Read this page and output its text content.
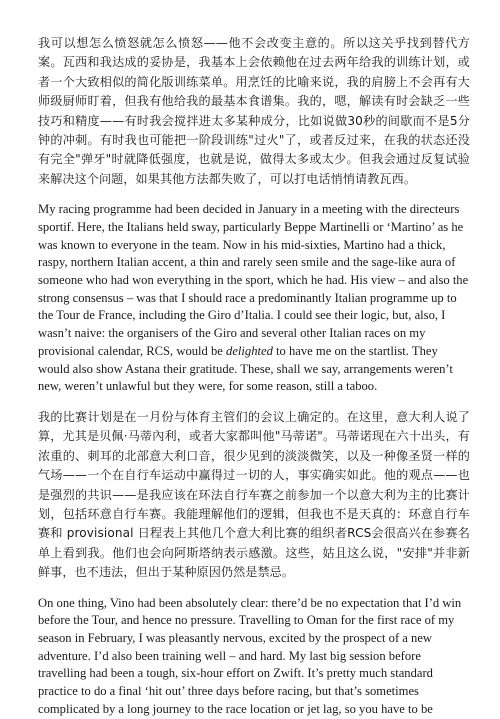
我可以想怎么愤怒就怎么愤怒——他不会改变主意的。所以这关乎找到替代方案。瓦西和我达成的妥协是，我基本上会依赖他在过去两年给我的训练计划，或者一个大致相似的简化版训练菜单。用烹饪的比喻来说，我的肩膀上不会再有大师级厨师盯着，但我有他给我的最基本食谱集。我的，嗯，解读有时会缺乏一些技巧和精度——有时我会搅拌进太多某种成分，比如说做30秒的间歇而不是5分钟的冲刺。有时我也可能把一阶段训练"过火"了，或者反过来，在我的状态还没有完全"弹牙"时就降低强度，也就是说，做得太多或太少。但我会通过反复试验来解决这个问题，如果其他方法都失败了，可以打电话悄悄请教瓦西。

My racing programme had been decided in January in a meeting with the directeurs sportif. Here, the Italians held sway, particularly Beppe Martinelli or ‘Martino’ as he was known to everyone in the team. Now in his mid-sixties, Martino had a thick, raspy, northern Italian accent, a thin and rarely seen smile and the sage-like aura of someone who had won everything in the sport, which he had. His view – and also the strong consensus – was that I should race a predominantly Italian programme up to the Tour de France, including the Giro d’Italia. I could see their logic, but, also, I wasn’t naive: the organisers of the Giro and several other Italian races on my provisional calendar, RCS, would be delighted to have me on the startlist. They would also show Astana their gratitude. These, shall we say, arrangements weren’t new, weren’t unlawful but they were, for some reason, still a taboo.

我的比赛计划是在一月份与体育主管们的会议上确定的。在这里，意大利人说了算，尤其是贝佩·马蒂內利，或者大家都叫他"马蒂诺"。马蒂诺现在六十出头，有浓重的、刺耳的北部意大利口音，很少见到的淡淡微笑，以及一种像圣贤一样的气场——一个在自行车运动中赢得过一切的人，事实确实如此。他的观点——也是强烈的共识——是我应该在环法自行车赛之前参加一个以意大利为主的比赛计划，包括环意自行车赛。我能理解他们的逻辑，但我也不是天真的：环意自行车赛和 provisional 日程表上其他几个意大利比赛的组织者RCS会很高兴在参赛名单上看到我。他们也会向阿斯塔纳表示感激。这些，姑且这么说，"安排"并非新鲜事，也不违法，但出于某种原因仍然是禁忌。

On one thing, Vino had been absolutely clear: there’d be no expectation that I’d win before the Tour, and hence no pressure. Travelling to Oman for the first race of my season in February, I was pleasantly nervous, excited by the prospect of a new adventure. I’d also been training well – and hard. My last big session before travelling had been a tough, six-hour effort on Zwift. It’s pretty much standard practice to do a final ‘hit out’ three days before racing, but that’s sometimes complicated by a long journey to the race location or jet lag, so you have to be
